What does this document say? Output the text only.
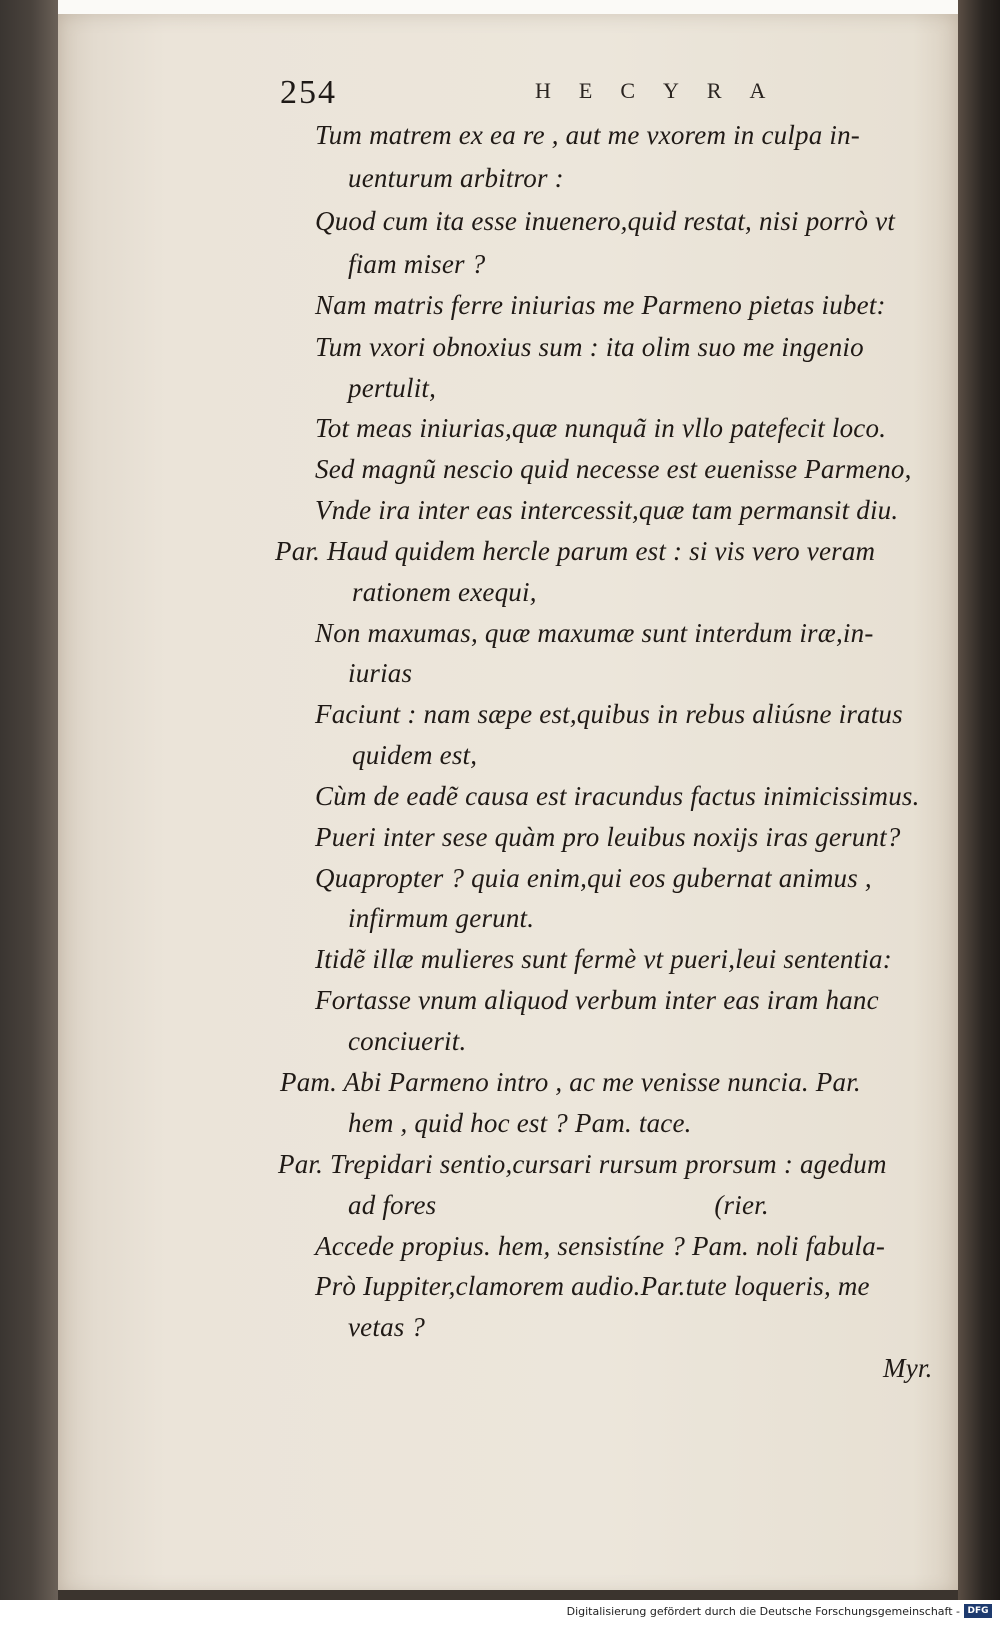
254	HECYRA
Tum matrem ex ea re , aut me vxorem in culpa in-
uenturum arbitror :
Quod cum ita esse inuenero,quid restat, nisi porrò vt
fiam miser ?
Nam matris ferre iniurias me Parmeno pietas iubet:
Tum vxori obnoxius sum : ita olim suo me ingenio
pertulit,
Tot meas iniurias,quæ nunquã in vllo patefecit loco.
Sed magnũ nescio quid necesse est euenisse Parmeno,
Vnde ira inter eas intercessit,quæ tam permansit diu.
Par. Haud quidem hercle parum est : si vis vero veram
rationem exequi,
Non maxumas, quæ maxumæ sunt interdum iræ,in-
iurias
Faciunt : nam sæpe est,quibus in rebus aliúsne iratus
quidem est,
Cùm de eadẽ causa est iracundus factus inimicissimus.
Pueri inter sese quàm pro leuibus noxijs iras gerunt?
Quapropter ? quia enim,qui eos gubernat animus ,
infirmum gerunt.
Itidẽ illæ mulieres sunt fermè vt pueri,leui sententia:
Fortasse vnum aliquod verbum inter eas iram hanc
conciuerit.
Pam. Abi Parmeno intro , ac me venisse nuncia. Par.
hem , quid hoc est ? Pam. tace.
Par. Trepidari sentio,cursari rursum prorsum : agedum
ad fores                                        (rier.
Accede propius. hem, sensistíne ? Pam. noli fabula-
Prò Iuppiter,clamorem audio.Par.tute loqueris, me
vetas ?
Myr.
Digitalisierung gefördert durch die Deutsche Forschungsgemeinschaft - DFG
